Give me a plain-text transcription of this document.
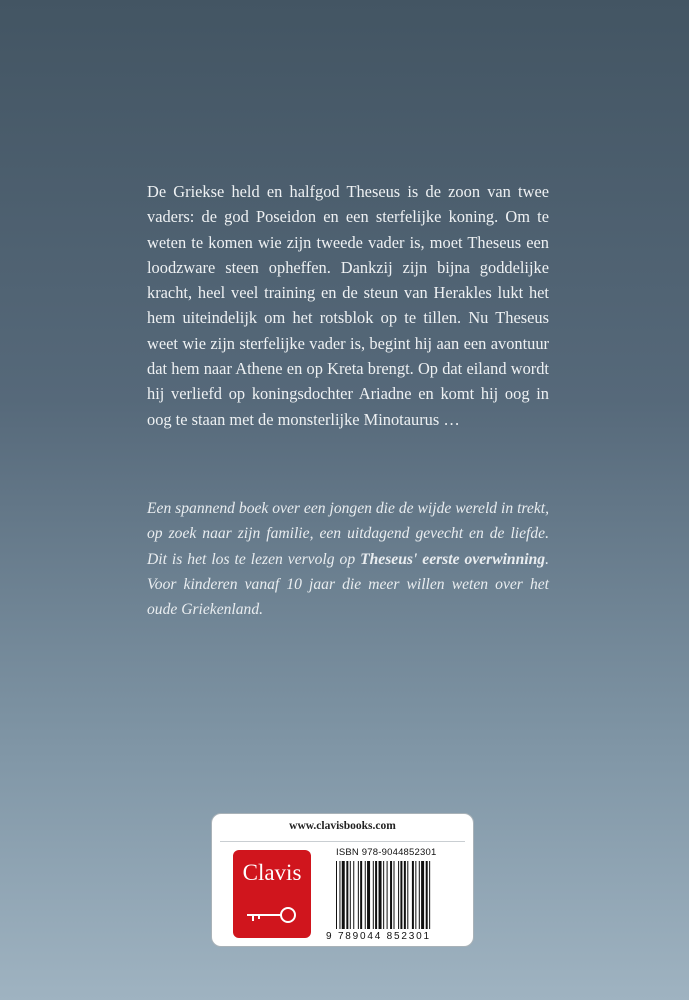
De Griekse held en halfgod Theseus is de zoon van twee vaders: de god Poseidon en een sterfelijke koning. Om te weten te komen wie zijn tweede vader is, moet Theseus een loodzware steen opheffen. Dankzij zijn bijna goddelijke kracht, heel veel training en de steun van Herakles lukt het hem uiteindelijk om het rotsblok op te tillen. Nu Theseus weet wie zijn sterfelijke vader is, begint hij aan een avontuur dat hem naar Athene en op Kreta brengt. Op dat eiland wordt hij verliefd op koningsdochter Ariadne en komt hij oog in oog te staan met de monsterlijke Minotaurus …

Een spannend boek over een jongen die de wijde wereld in trekt, op zoek naar zijn familie, een uitdagend gevecht en de liefde. Dit is het los te lezen vervolg op Theseus' eerste overwinning. Voor kinderen vanaf 10 jaar die meer willen weten over het oude Griekenland.

www.clavisbooks.com
Clavis
ISBN 978-9044852301
9 789044 852301
